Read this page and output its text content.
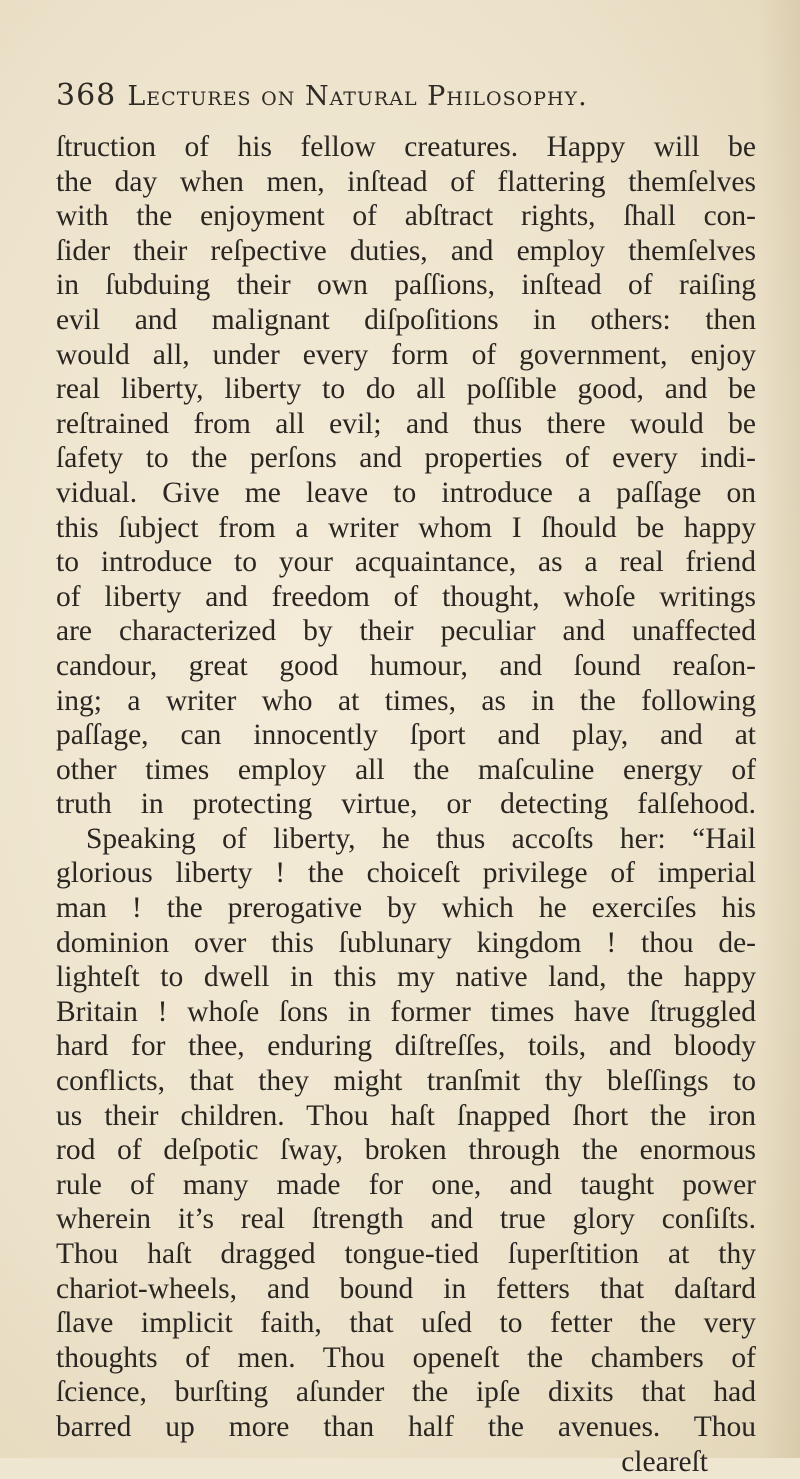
368 Lectures on Natural Philosophy.
ſtruction of his fellow creatures. Happy will be
the day when men, inſtead of flattering themſelves
with the enjoyment of abſtract rights, ſhall con-
ſider their reſpective duties, and employ themſelves
in ſubduing their own paſſions, inſtead of raiſing
evil and malignant diſpoſitions in others: then
would all, under every form of government, enjoy
real liberty, liberty to do all poſſible good, and be
reſtrained from all evil; and thus there would be
ſafety to the perſons and properties of every indi-
vidual. Give me leave to introduce a paſſage on
this ſubject from a writer whom I ſhould be happy
to introduce to your acquaintance, as a real friend
of liberty and freedom of thought, whoſe writings
are characterized by their peculiar and unaffected
candour, great good humour, and ſound reaſon-
ing; a writer who at times, as in the following
paſſage, can innocently ſport and play, and at
other times employ all the maſculine energy of
truth in protecting virtue, or detecting falſehood.
Speaking of liberty, he thus accoſts her: “Hail
glorious liberty ! the choiceſt privilege of imperial
man ! the prerogative by which he exerciſes his
dominion over this ſublunary kingdom ! thou de-
lighteſt to dwell in this my native land, the happy
Britain ! whoſe ſons in former times have ſtruggled
hard for thee, enduring diſtreſſes, toils, and bloody
conflicts, that they might tranſmit thy bleſſings to
us their children. Thou haſt ſnapped ſhort the iron
rod of deſpotic ſway, broken through the enormous
rule of many made for one, and taught power
wherein it’s real ſtrength and true glory conſiſts.
Thou haſt dragged tongue-tied ſuperſtition at thy
chariot-wheels, and bound in fetters that daſtard
ſlave implicit faith, that uſed to fetter the very
thoughts of men. Thou openeſt the chambers of
ſcience, burſting aſunder the ipſe dixits that had
barred up more than half the avenues. Thou
cleareſt
